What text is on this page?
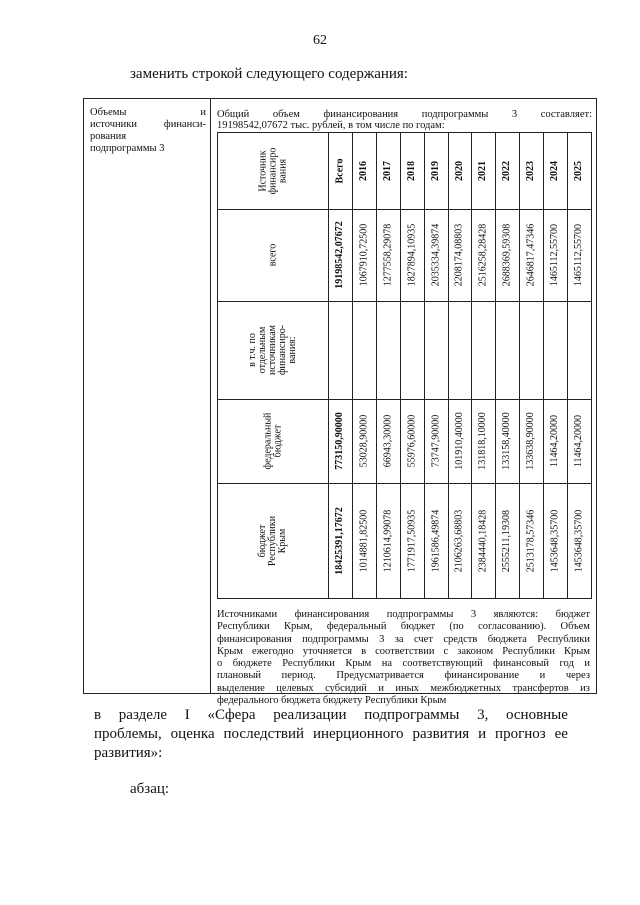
62
заменить строкой следующего содержания:
Объемы	и
источники	финанси-
рования
подпрограммы 3
Общий объем финансирования подпрограммы 3 составляет:
19198542,07672 тыс. рублей, в том числе по годам:
Источник
финансиро
вания
всего
в т.ч. по
отдельным
источникам
финансиро-
вания:
федеральный
бюджет
бюджет
Республики
Крым
Всего
19198542,07672
773150,90000
18425391,17672
2016
1067910,72500
53028,90000
1014881,82500
2017
1277558,29078
66943,30000
1210614,99078
2018
1827894,10935
55976,60000
1771917,50935
2019
2035334,39874
73747,90000
1961586,49874
2020
2208174,08803
101910,40000
2106263,68803
2021
2516258,28428
131818,10000
2384440,18428
2022
2688369,59308
133158,40000
2555211,19308
2023
2646817,47346
133638,90000
2513178,57346
2024
1465112,55700
11464,20000
1453648,35700
2025
1465112,55700
11464,20000
1453648,35700
Источниками финансирования подпрограммы 3 являются: бюджет
Республики Крым, федеральный бюджет (по согласованию). Объем
финансирования подпрограммы 3 за счет средств бюджета Республики
Крым ежегодно уточняется в соответствии с законом Республики Крым
о бюджете Республики Крым на соответствующий финансовый год и
плановый период. Предусматривается финансирование и через
выделение целевых субсидий и иных межбюджетных трансфертов из
федерального бюджета бюджету Республики Крым
в разделе I «Сфера реализации подпрограммы 3, основные
проблемы, оценка последствий инерционного развития и прогноз ее
развития»:
абзац:
